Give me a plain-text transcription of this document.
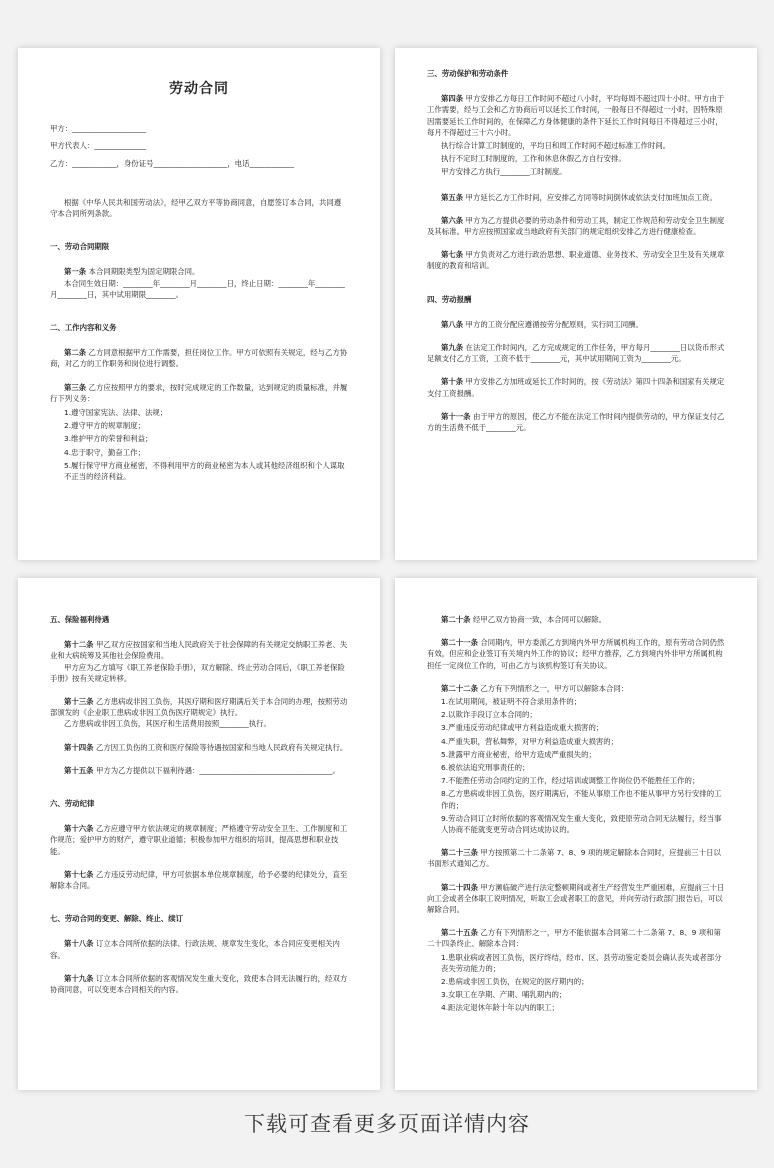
劳动合同
甲方：____________________
甲方代表人：______________
乙方：____________，身份证号____________________，电话____________
根据《中华人民共和国劳动法》，经甲乙双方平等协商同意，自愿签订本合同，共同遵守本合同所列条款。
一、劳动合同期限
第一条 本合同期限类型为固定期限合同。
本合同生效日期：________年________月________日，终止日期：________年________月________日，其中试用期限________。
二、工作内容和义务
第二条 乙方同意根据甲方工作需要，担任岗位工作。甲方可依照有关规定，经与乙方协商，对乙方的工作职务和岗位进行调整。
第三条 乙方应按照甲方的要求，按时完成规定的工作数量，达到规定的质量标准，并履行下列义务：
1.遵守国家宪法、法律、法规；
2.遵守甲方的规章制度；
3.维护甲方的荣誉和利益；
4.忠于职守，勤奋工作；
5.履行保守甲方商业秘密，不得利用甲方的商业秘密为本人或其他经济组织和个人谋取不正当的经济利益。
三、劳动保护和劳动条件
第四条 甲方安排乙方每日工作时间不超过八小时，平均每周不超过四十小时。甲方由于工作需要，经与工会和乙方协商后可以延长工作时间，一般每日不得超过一小时，因特殊原因需要延长工作时间的，在保障乙方身体健康的条件下延长工作时间每日不得超过三小时，每月不得超过三十六小时。
执行综合计算工时制度的，平均日和周工作时间不超过标准工作时间。
执行不定时工时制度的，工作和休息休假乙方自行安排。
甲方安排乙方执行________工时制度。
第五条 甲方延长乙方工作时间，应安排乙方同等时间倒休或依法支付加班加点工资。
第六条 甲方为乙方提供必要的劳动条件和劳动工具，制定工作规范和劳动安全卫生制度及其标准。甲方应按照国家或当地政府有关部门的规定组织安排乙方进行健康检查。
第七条 甲方负责对乙方进行政治思想、职业道德、业务技术、劳动安全卫生及有关规章制度的教育和培训。
四、劳动报酬
第八条 甲方的工资分配应遵循按劳分配原则，实行同工同酬。
第九条 在法定工作时间内，乙方完成规定的工作任务，甲方每月________日以货币形式足额支付乙方工资，工资不低于________元，其中试用期间工资为________元。
第十条 甲方安排乙方加班或延长工作时间的，按《劳动法》第四十四条和国家有关规定支付工资报酬。
第十一条 由于甲方的原因，使乙方不能在法定工作时间内提供劳动的，甲方保证支付乙方的生活费不低于________元。
五、保险福利待遇
第十二条 甲乙双方应按国家和当地人民政府关于社会保障的有关规定交纳职工养老、失业和大病统筹及其他社会保险费用。
甲方应为乙方填写《职工养老保险手册》，双方解除、终止劳动合同后，《职工养老保险手册》按有关规定转移。
第十三条 乙方患病或非因工负伤，其医疗期和医疗期满后关于本合同的办理，按照劳动部颁发的《企业职工患病或非因工负伤医疗期规定》执行。
乙方患病或非因工负伤，其医疗和生活费用按照________执行。
第十四条 乙方因工负伤的工资和医疗保险等待遇按国家和当地人民政府有关规定执行。
第十五条 甲方为乙方提供以下福利待遇：____________________________________。
六、劳动纪律
第十六条 乙方应遵守甲方依法规定的规章制度；严格遵守劳动安全卫生、工作制度和工作规范；爱护甲方的财产，遵守职业道德；积极参加甲方组织的培训，提高思想和职业技能。
第十七条 乙方违反劳动纪律，甲方可依据本单位规章制度，给予必要的纪律处分，直至解除本合同。
七、劳动合同的变更、解除、终止、续订
第十八条 订立本合同所依据的法律、行政法规、规章发生变化，本合同应变更相关内容。
第十九条 订立本合同所依据的客观情况发生重大变化，致使本合同无法履行的，经双方协商同意，可以变更本合同相关的内容。
第二十条 经甲乙双方协商一致，本合同可以解除。
第二十一条 合同期内，甲方委派乙方到境内外甲方所属机构工作的，原有劳动合同仍然有效，但应和企业签订有关境内外工作的协议；经甲方推荐，乙方到境内外非甲方所属机构担任一定岗位工作的，可由乙方与该机构签订有关协议。
第二十二条 乙方有下列情形之一，甲方可以解除本合同：
1.在试用期间，被证明不符合录用条件的；
2.以欺诈手段订立本合同的；
3.严重违反劳动纪律或甲方利益造成重大损害的；
4.严重失职，营私舞弊，对甲方利益造成重大损害的；
5.泄露甲方商业秘密，给甲方造成严重损失的；
6.被依法追究刑事责任的；
7.不能胜任劳动合同约定的工作，经过培训或调整工作岗位仍不能胜任工作的；
8.乙方患病或非因工负伤，医疗期满后，不能从事原工作也不能从事甲方另行安排的工作的；
9.劳动合同订立时所依据的客观情况发生重大变化，致使原劳动合同无法履行，经当事人协商不能就变更劳动合同达成协议的。
第二十三条 甲方按照第二十二条第 7、8、9 项的规定解除本合同时，应提前三十日以书面形式通知乙方。
第二十四条 甲方濒临破产进行法定整顿期间或者生产经营发生严重困难，应提前三十日向工会或者全体职工说明情况，听取工会或者职工的意见，并向劳动行政部门报告后，可以解除合同。
第二十五条 乙方有下列情形之一，甲方不能依据本合同第二十二条第 7、8、9 项和第二十四条终止、解除本合同：
1.患职业病或者因工负伤，医疗终结，经市、区、县劳动鉴定委员会确认丧失或者部分丧失劳动能力的；
2.患病或非因工负伤，在规定的医疗期内的；
3.女职工在孕期、产期、哺乳期内的；
4.距法定退休年龄十年以内的职工；
下载可查看更多页面详情内容
